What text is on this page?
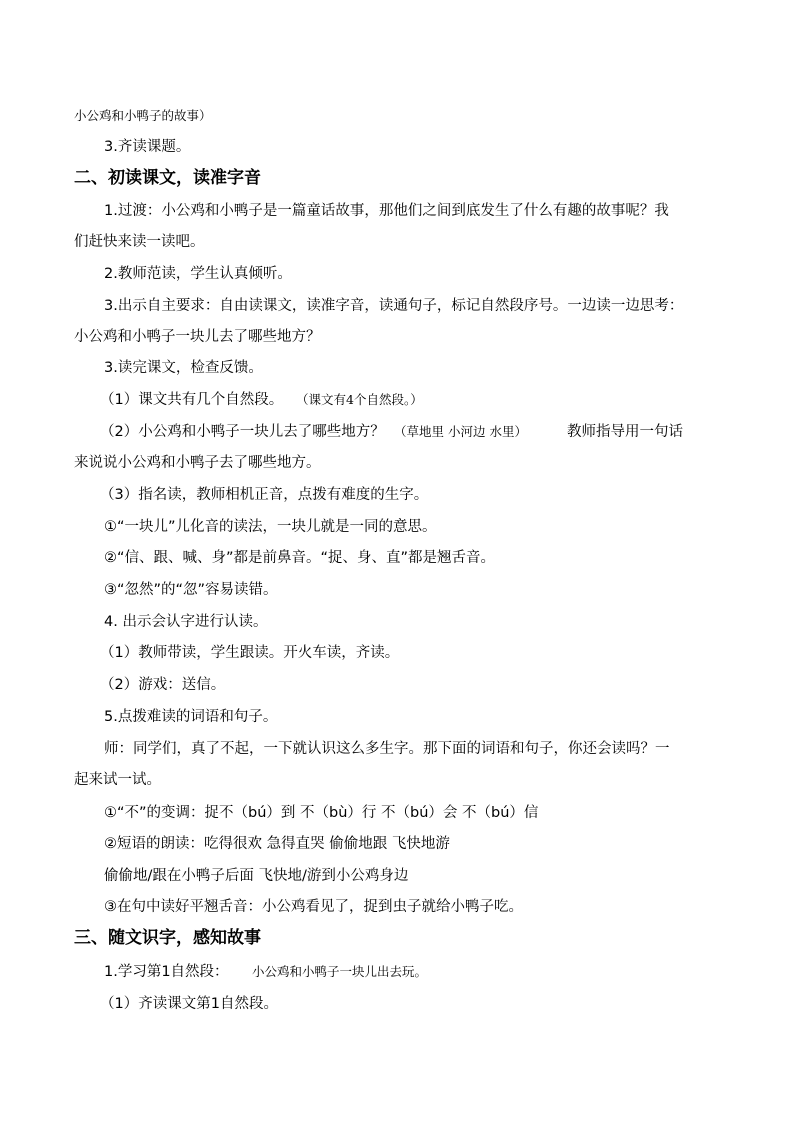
小公鸡和小鸭子的故事）
3.齐读课题。
二、初读课文，读准字音
1.过渡：小公鸡和小鸭子是一篇童话故事，那他们之间到底发生了什么有趣的故事呢？我
们赶快来读一读吧。
2.教师范读，学生认真倾听。
3.出示自主要求：自由读课文，读准字音，读通句子，标记自然段序号。一边读一边思考：
小公鸡和小鸭子一块儿去了哪些地方？
3.读完课文，检查反馈。
（1）课文共有几个自然段。 （课文有4个自然段。）
（2）小公鸡和小鸭子一块儿去了哪些地方？ （草地里 小河边 水里）	教师指导用一句话
来说说小公鸡和小鸭子去了哪些地方。
（3）指名读，教师相机正音，点拨有难度的生字。
①“一块儿”儿化音的读法，一块儿就是一同的意思。
②“信、跟、喊、身”都是前鼻音。“捉、身、直”都是翘舌音。
③“忽然”的“忽”容易读错。
4. 出示会认字进行认读。
（1）教师带读，学生跟读。开火车读，齐读。
（2）游戏：送信。
5.点拨难读的词语和句子。
师：同学们，真了不起，一下就认识这么多生字。那下面的词语和句子，你还会读吗？一
起来试一试。
①“不”的变调：捉不（bú）到 不（bù）行 不（bú）会 不（bú）信
②短语的朗读：吃得很欢 急得直哭 偷偷地跟 飞快地游
偷偷地/跟在小鸭子后面 飞快地/游到小公鸡身边
③在句中读好平翘舌音：小公鸡看见了，捉到虫子就给小鸭子吃。
三、随文识字，感知故事
1.学习第1自然段： 小公鸡和小鸭子一块儿出去玩。
（1）齐读课文第1自然段。
